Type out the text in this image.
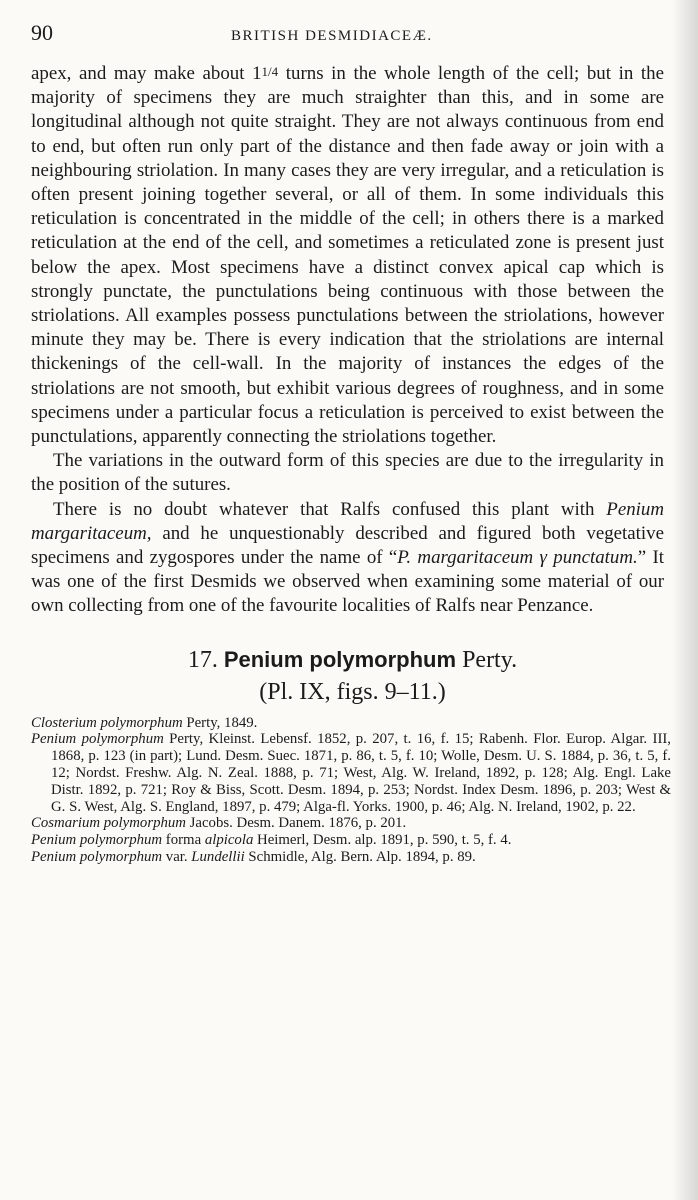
90	BRITISH DESMIDIACEÆ.

apex, and may make about 11/4 turns in the whole length of the cell; but in the majority of specimens they are much straighter than this, and in some are longitudinal although not quite straight. They are not always continuous from end to end, but often run only part of the distance and then fade away or join with a neighbouring striolation. In many cases they are very irregular, and a reticulation is often present joining together several, or all of them. In some individuals this reticulation is concentrated in the middle of the cell; in others there is a marked reticulation at the end of the cell, and sometimes a reticulated zone is present just below the apex. Most specimens have a distinct convex apical cap which is strongly punctate, the punctulations being continuous with those between the striolations. All examples possess punctulations between the striolations, however minute they may be. There is every indication that the striolations are internal thickenings of the cell-wall. In the majority of instances the edges of the striolations are not smooth, but exhibit various degrees of roughness, and in some specimens under a particular focus a reticulation is perceived to exist between the punctulations, apparently connecting the striolations together.

The variations in the outward form of this species are due to the irregularity in the position of the sutures.

There is no doubt whatever that Ralfs confused this plant with Penium margaritaceum, and he unquestionably described and figured both vegetative specimens and zygospores under the name of “P. margaritaceum γ punctatum.” It was one of the first Desmids we observed when examining some material of our own collecting from one of the favourite localities of Ralfs near Penzance.

17. Penium polymorphum Perty.
(Pl. IX, figs. 9–11.)

Closterium polymorphum Perty, 1849.

Penium polymorphum Perty, Kleinst. Lebensf. 1852, p. 207, t. 16, f. 15; Rabenh. Flor. Europ. Algar. III, 1868, p. 123 (in part); Lund. Desm. Suec. 1871, p. 86, t. 5, f. 10; Wolle, Desm. U. S. 1884, p. 36, t. 5, f. 12; Nordst. Freshw. Alg. N. Zeal. 1888, p. 71; West, Alg. W. Ireland, 1892, p. 128; Alg. Engl. Lake Distr. 1892, p. 721; Roy & Biss, Scott. Desm. 1894, p. 253; Nordst. Index Desm. 1896, p. 203; West & G. S. West, Alg. S. England, 1897, p. 479; Alga-fl. Yorks. 1900, p. 46; Alg. N. Ireland, 1902, p. 22.

Cosmarium polymorphum Jacobs. Desm. Danem. 1876, p. 201.

Penium polymorphum forma alpicola Heimerl, Desm. alp. 1891, p. 590, t. 5, f. 4.

Penium polymorphum var. Lundellii Schmidle, Alg. Bern. Alp. 1894, p. 89.
